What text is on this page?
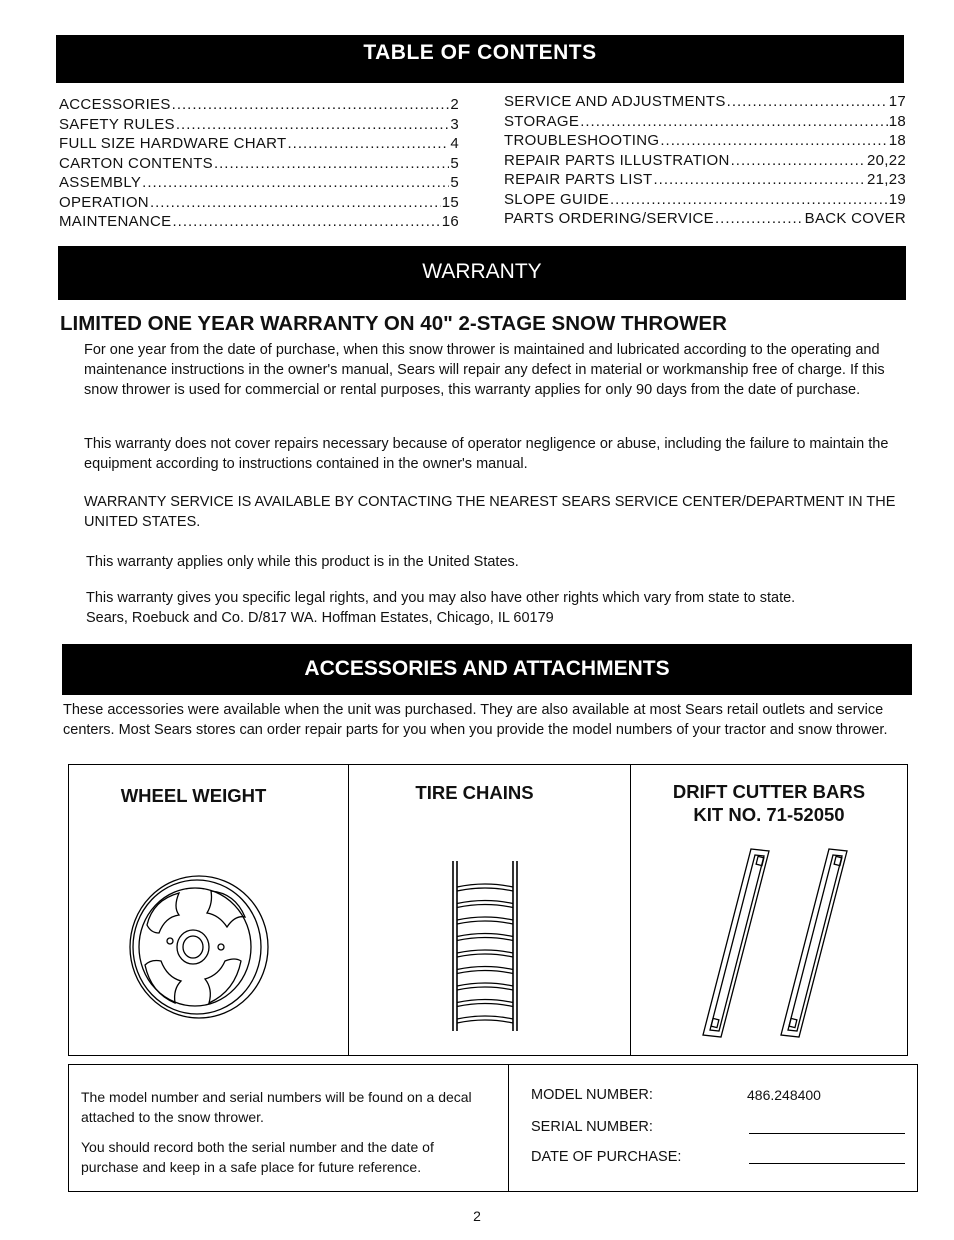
TABLE OF CONTENTS
ACCESSORIES .....	2
SAFETY RULES .....	3
FULL SIZE HARDWARE CHART .....	4
CARTON CONTENTS .....	5
ASSEMBLY .....	5
OPERATION .....	15
MAINTENANCE .....	16
SERVICE AND ADJUSTMENTS .....	17
STORAGE .....	18
TROUBLESHOOTING .....	18
REPAIR PARTS ILLUSTRATION .....	20,22
REPAIR PARTS LIST .....	21,23
SLOPE GUIDE .....	19
PARTS ORDERING/SERVICE .....	BACK COVER
WARRANTY
LIMITED ONE YEAR WARRANTY ON 40" 2-STAGE SNOW THROWER
For one year from the date of purchase, when this snow thrower is maintained and lubricated according to the operating and maintenance instructions in the owner's manual, Sears will repair any defect in material or workmanship free of charge. If this snow thrower is used for commercial or rental purposes, this warranty applies for only 90 days from the date of purchase.
This warranty does not cover repairs necessary because of operator negligence or abuse, including the failure to maintain the equipment according to instructions contained in the owner's manual.
WARRANTY SERVICE IS AVAILABLE BY CONTACTING THE NEAREST SEARS SERVICE CENTER/DEPARTMENT IN THE UNITED STATES.
This warranty applies only while this product is in the United States.
This warranty gives you specific legal rights, and you may also have other rights which vary from state to state.
Sears, Roebuck and Co. D/817 WA. Hoffman Estates, Chicago, IL 60179
ACCESSORIES AND ATTACHMENTS
These accessories were available when the unit was purchased. They are also available at most Sears retail outlets and service centers. Most Sears stores can order repair parts for you when you provide the model numbers of your tractor and snow thrower.
WHEEL WEIGHT	TIRE CHAINS	DRIFT CUTTER BARS
KIT NO. 71-52050
The model number and serial numbers will be found on a decal attached to the snow thrower.
You should record both the serial number and the date of purchase and keep in a safe place for future reference.
MODEL NUMBER:	486.248400
SERIAL NUMBER:
DATE OF PURCHASE:
2
